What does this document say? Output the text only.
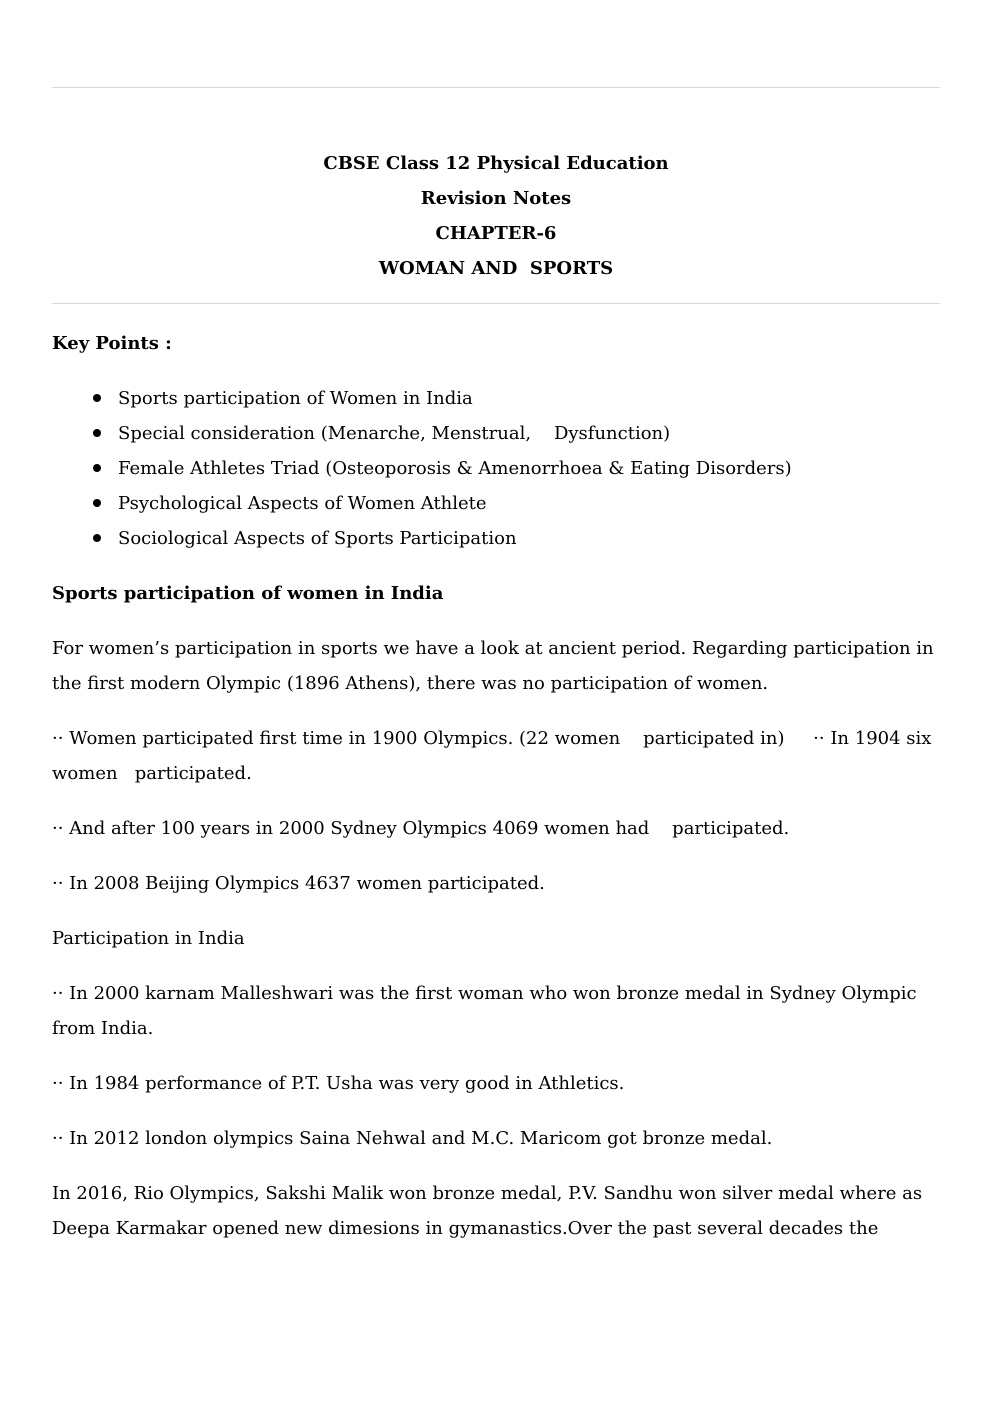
CBSE Class 12 Physical Education
Revision Notes
CHAPTER-6
WOMAN AND  SPORTS

Key Points :

Sports participation of Women in India
Special consideration (Menarche, Menstrual,    Dysfunction)
Female Athletes Triad (Osteoporosis & Amenorrhoea & Eating Disorders)
Psychological Aspects of Women Athlete
Sociological Aspects of Sports Participation

Sports participation of women in India

For women’s participation in sports we have a look at ancient period. Regarding participation in the first modern Olympic (1896 Athens), there was no participation of women.

·· Women participated first time in 1900 Olympics. (22 women    participated in)     ·· In 1904 six women   participated.

·· And after 100 years in 2000 Sydney Olympics 4069 women had    participated.

·· In 2008 Beijing Olympics 4637 women participated.

Participation in India

·· In 2000 karnam Malleshwari was the first woman who won bronze medal in Sydney Olympic  from India.

·· In 1984 performance of P.T. Usha was very good in Athletics.

·· In 2012 london olympics Saina Nehwal and M.C. Maricom got bronze medal.

In 2016, Rio Olympics, Sakshi Malik won bronze medal, P.V. Sandhu won silver medal where as Deepa Karmakar opened new dimesions in gymanastics.Over the past several decades the
